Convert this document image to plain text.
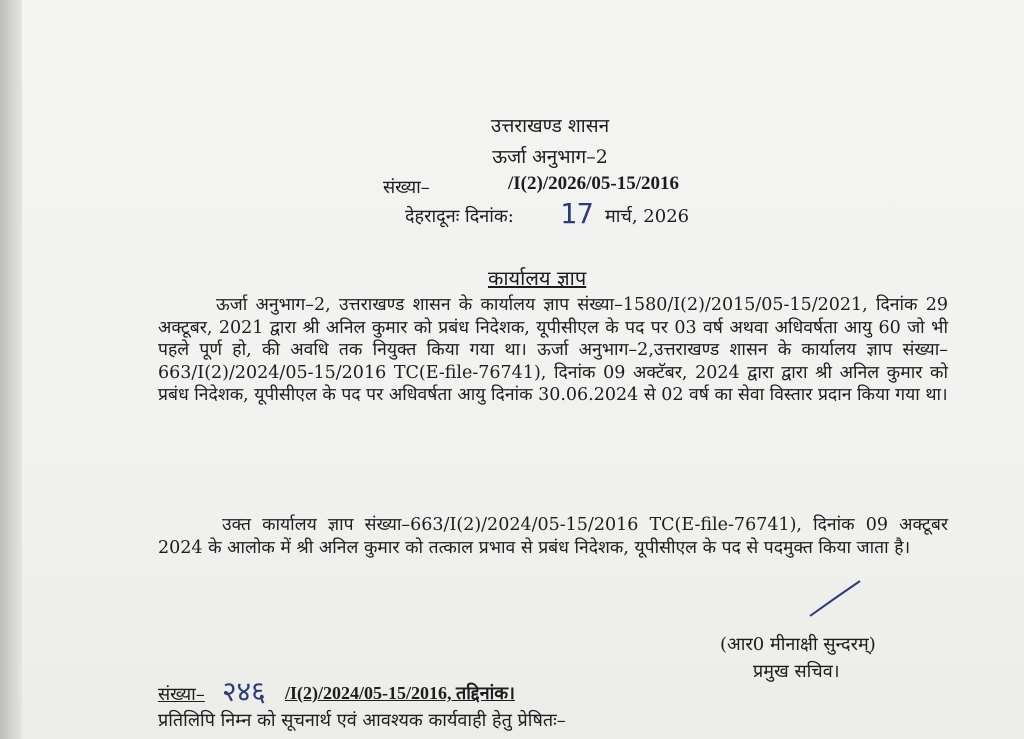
उत्तराखण्ड शासन
ऊर्जा अनुभाग–2
संख्या–	/I(2)/2026/05-15/2016
देहरादूनः दिनांक: 17 मार्च, 2026
कार्यालय ज्ञाप
ऊर्जा अनुभाग–2, उत्तराखण्ड शासन के कार्यालय ज्ञाप संख्या–1580/I(2)/2015/05-15/2021, दिनांक 29 अक्टूबर, 2021 द्वारा श्री अनिल कुमार को प्रबंध निदेशक, यूपीसीएल के पद पर 03 वर्ष अथवा अधिवर्षता आयु 60 जो भी पहले पूर्ण हो, की अवधि तक नियुक्त किया गया था। ऊर्जा अनुभाग–2,उत्तराखण्ड शासन के कार्यालय ज्ञाप संख्या–663/I(2)/2024/05-15/2016 TC(E-file-76741), दिनांक 09 अक्टॅबर, 2024 द्वारा द्वारा श्री अनिल कुमार को प्रबंध निदेशक, यूपीसीएल के पद पर अधिवर्षता आयु दिनांक 30.06.2024 से 02 वर्ष का सेवा विस्तार प्रदान किया गया था।
उक्त कार्यालय ज्ञाप संख्या–663/I(2)/2024/05-15/2016 TC(E-file-76741), दिनांक 09 अक्टूबर 2024 के आलोक में श्री अनिल कुमार को तत्काल प्रभाव से प्रबंध निदेशक, यूपीसीएल के पद से पदमुक्त किया जाता है।
(आर0 मीनाक्षी सुन्दरम्)
प्रमुख सचिव।
संख्या– २४६ /I(2)/2024/05-15/2016, तद्दिनांक।
प्रतिलिपि निम्न को सूचनार्थ एवं आवश्यक कार्यवाही हेतु प्रेषितः–
